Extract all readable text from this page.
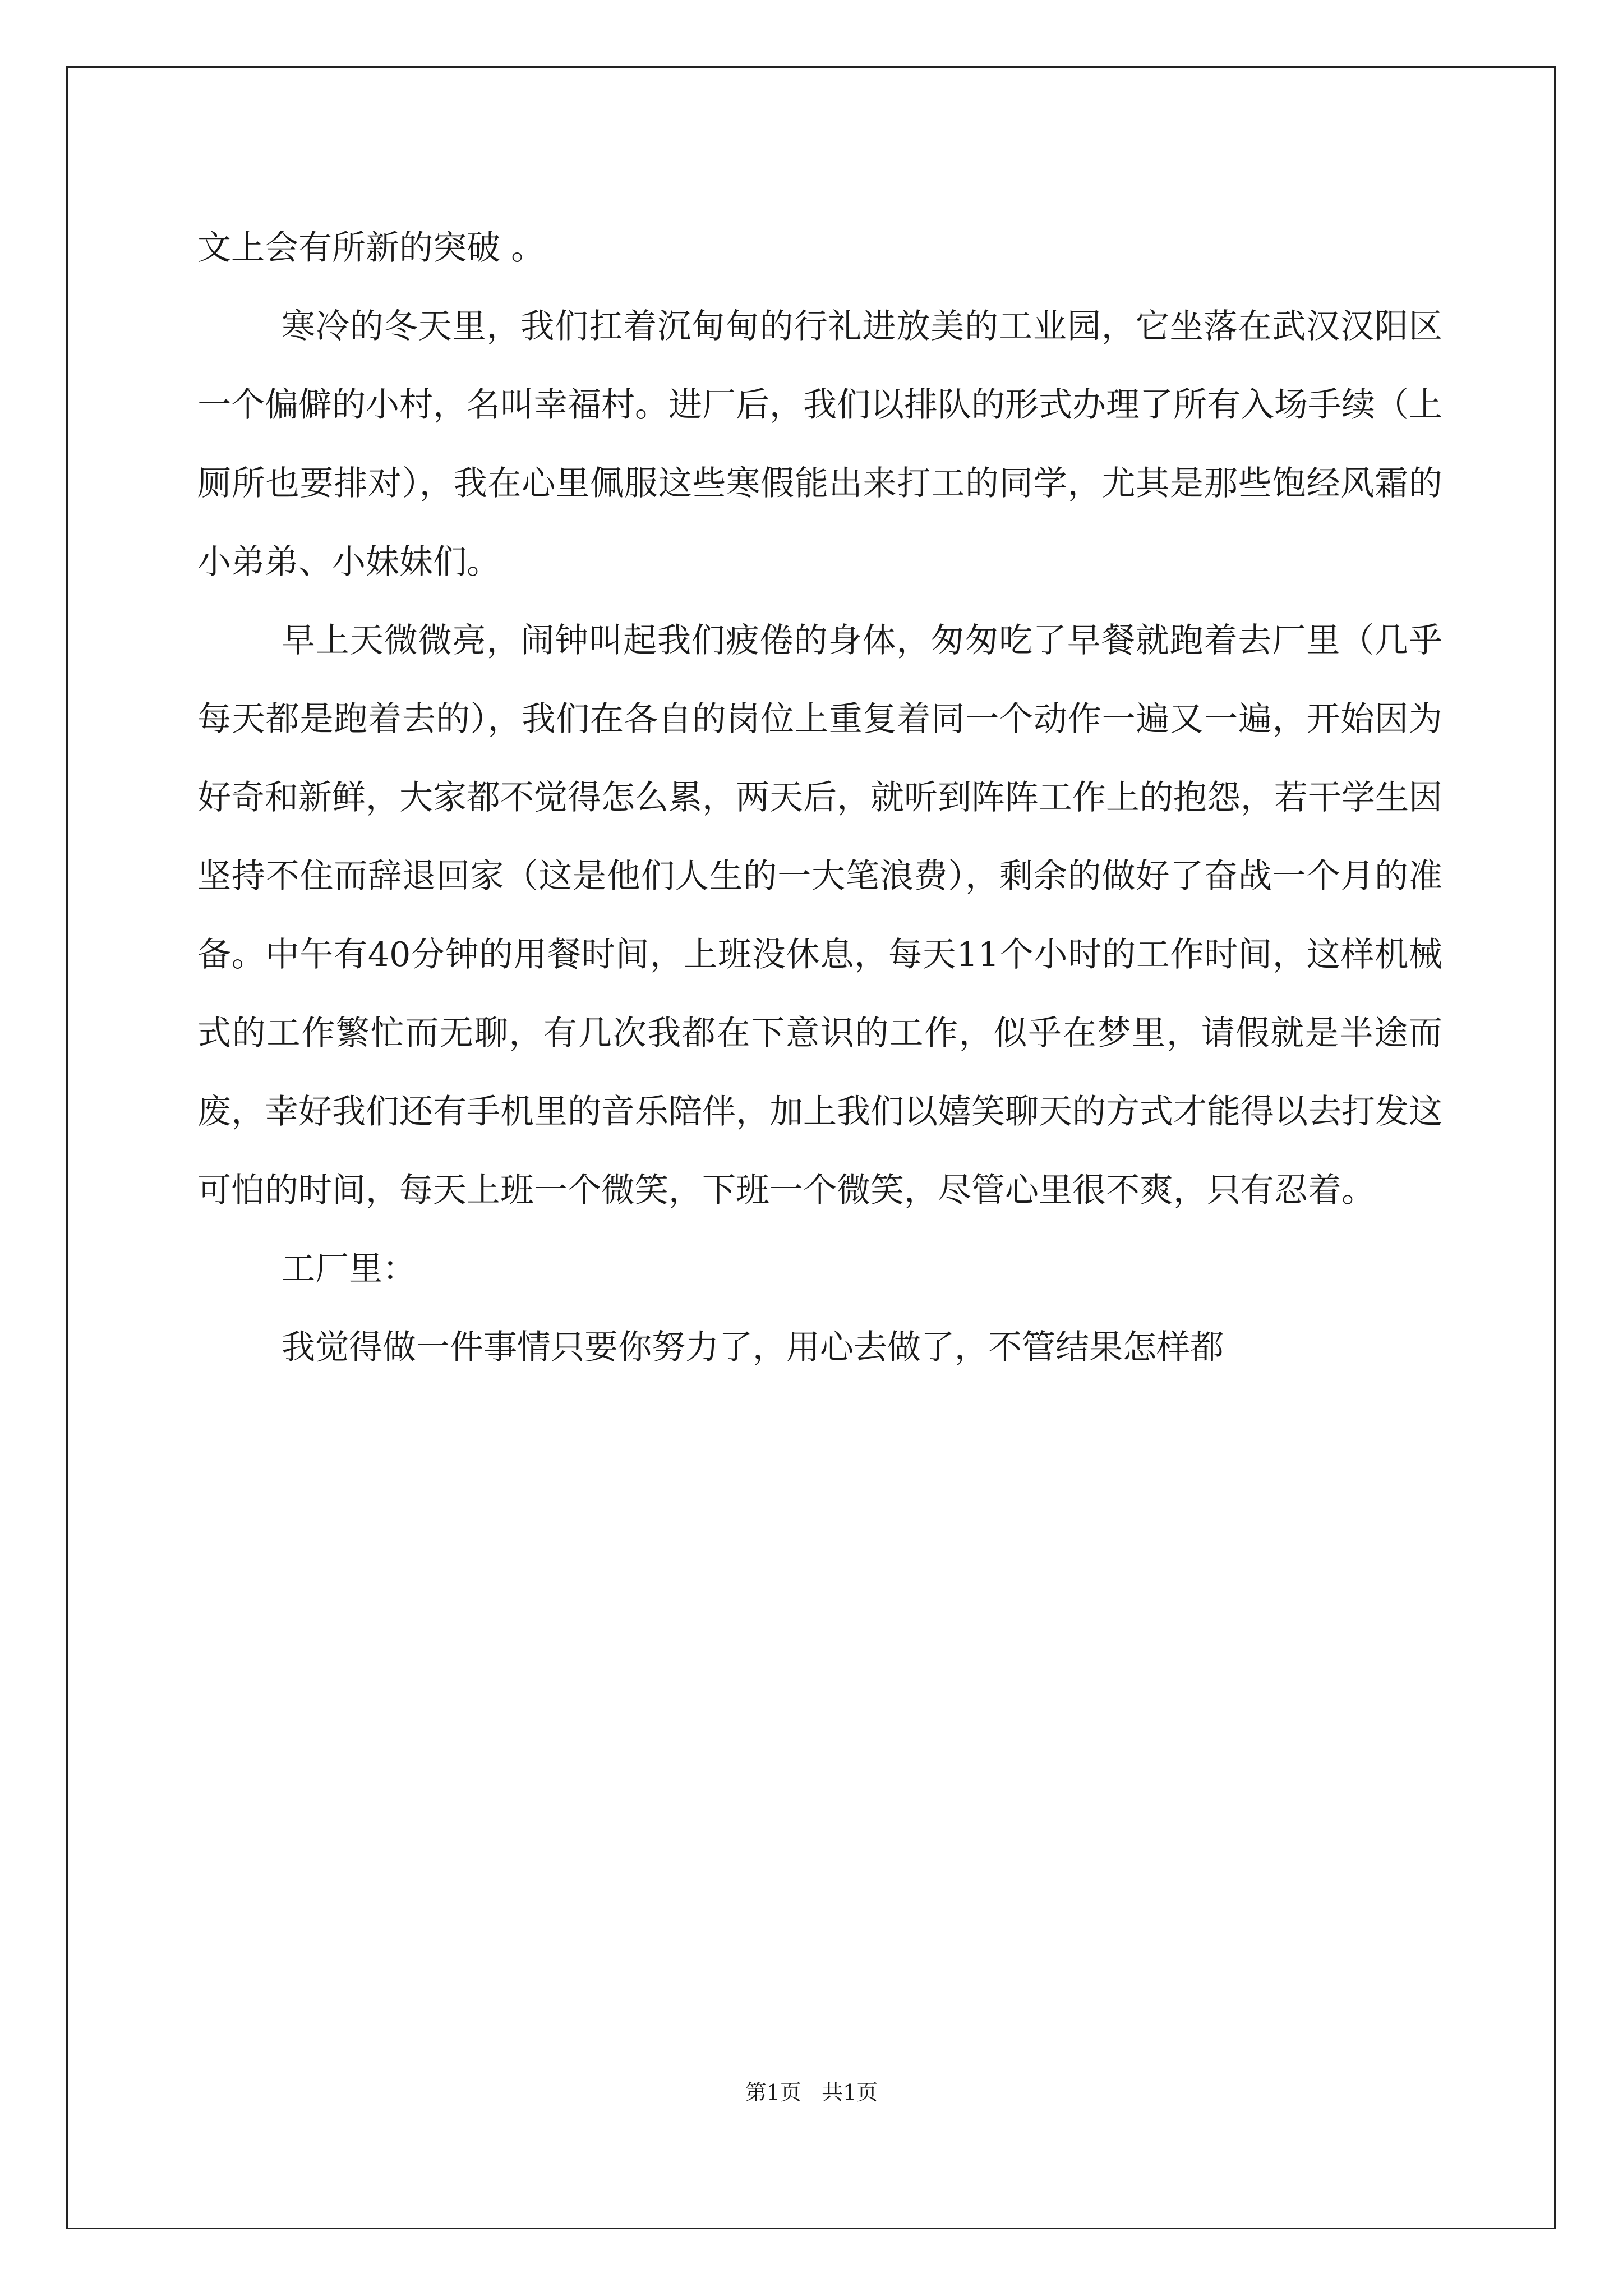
文上会有所新的突破 。

寒冷的冬天里，我们扛着沉甸甸的行礼进放美的工业园，它坐落在武汉汉阳区一个偏僻的小村，名叫幸福村。进厂后，我们以排队的形式办理了所有入场手续（上厕所也要排对），我在心里佩服这些寒假能出来打工的同学，尤其是那些饱经风霜的小弟弟、小妹妹们。

早上天微微亮，闹钟叫起我们疲倦的身体，匆匆吃了早餐就跑着去厂里（几乎每天都是跑着去的），我们在各自的岗位上重复着同一个动作一遍又一遍，开始因为好奇和新鲜，大家都不觉得怎么累，两天后，就听到阵阵工作上的抱怨，若干学生因坚持不住而辞退回家（这是他们人生的一大笔浪费），剩余的做好了奋战一个月的准备。中午有40分钟的用餐时间，上班没休息，每天11个小时的工作时间，这样机械式的工作繁忙而无聊，有几次我都在下意识的工作，似乎在梦里，请假就是半途而废，幸好我们还有手机里的音乐陪伴，加上我们以嬉笑聊天的方式才能得以去打发这可怕的时间，每天上班一个微笑，下班一个微笑，尽管心里很不爽，只有忍着。

工厂里：

我觉得做一件事情只要你努力了，用心去做了，不管结果怎样都

第1页 共1页
